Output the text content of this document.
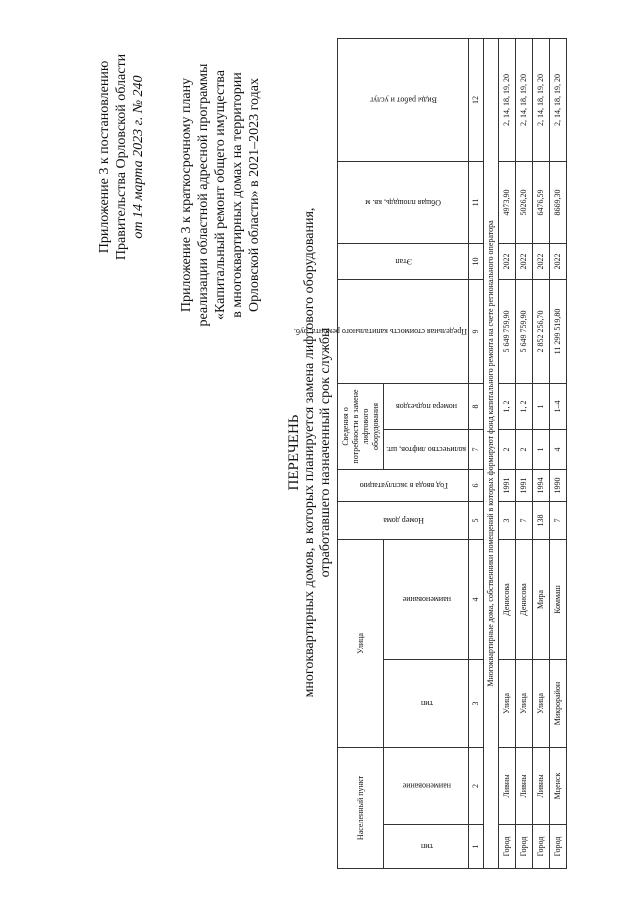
Приложение 3 к постановлению Правительства Орловской области от 14 марта 2023 г. № 240 Приложение 3 к краткосрочному плану реализации областной адресной программы «Капитальный ремонт общего имущества в многоквартирных домах на территории Орловской области» в 2021–2023 годах
ПЕРЕЧЕНЬ многоквартирных домов, в которых планируется замена лифтового оборудования, отработавшего назначенный срок службы
Населенный пункт		Улица		Номер дома	Год ввода в эксплуатацию	Сведения о потребности в замене лифтового оборудования		Предельная стоимость капитального ремонта, руб.	Этап	Общая площадь, кв. м	Виды работ и услуг
тип	наименование	тип	наименование			количество лифтов, шт.	номера подъездов				
1	2	3	4	5	6	7	8	9	10	11	12
Многоквартирные дома, собственники помещений в которых формируют фонд капитального ремонта на счете регионального оператора											
Город	Ливны	Улица	Денисова	3	1991	2	1, 2	5 649 759,90	2022	4973,90	2, 14, 18, 19, 20
Город	Ливны	Улица	Денисова	7	1991	2	1, 2	5 649 759,90	2022	5026,20	2, 14, 18, 19, 20
Город	Ливны	Улица	Мира	138	1994	1	1	2 852 256,70	2022	6476,59	2, 14, 18, 19, 20
Город	Мценск	Микрорайон	Коммаш	7	1990	4	1–4	11 299 519,80	2022	8669,30	2, 14, 18, 19, 20
